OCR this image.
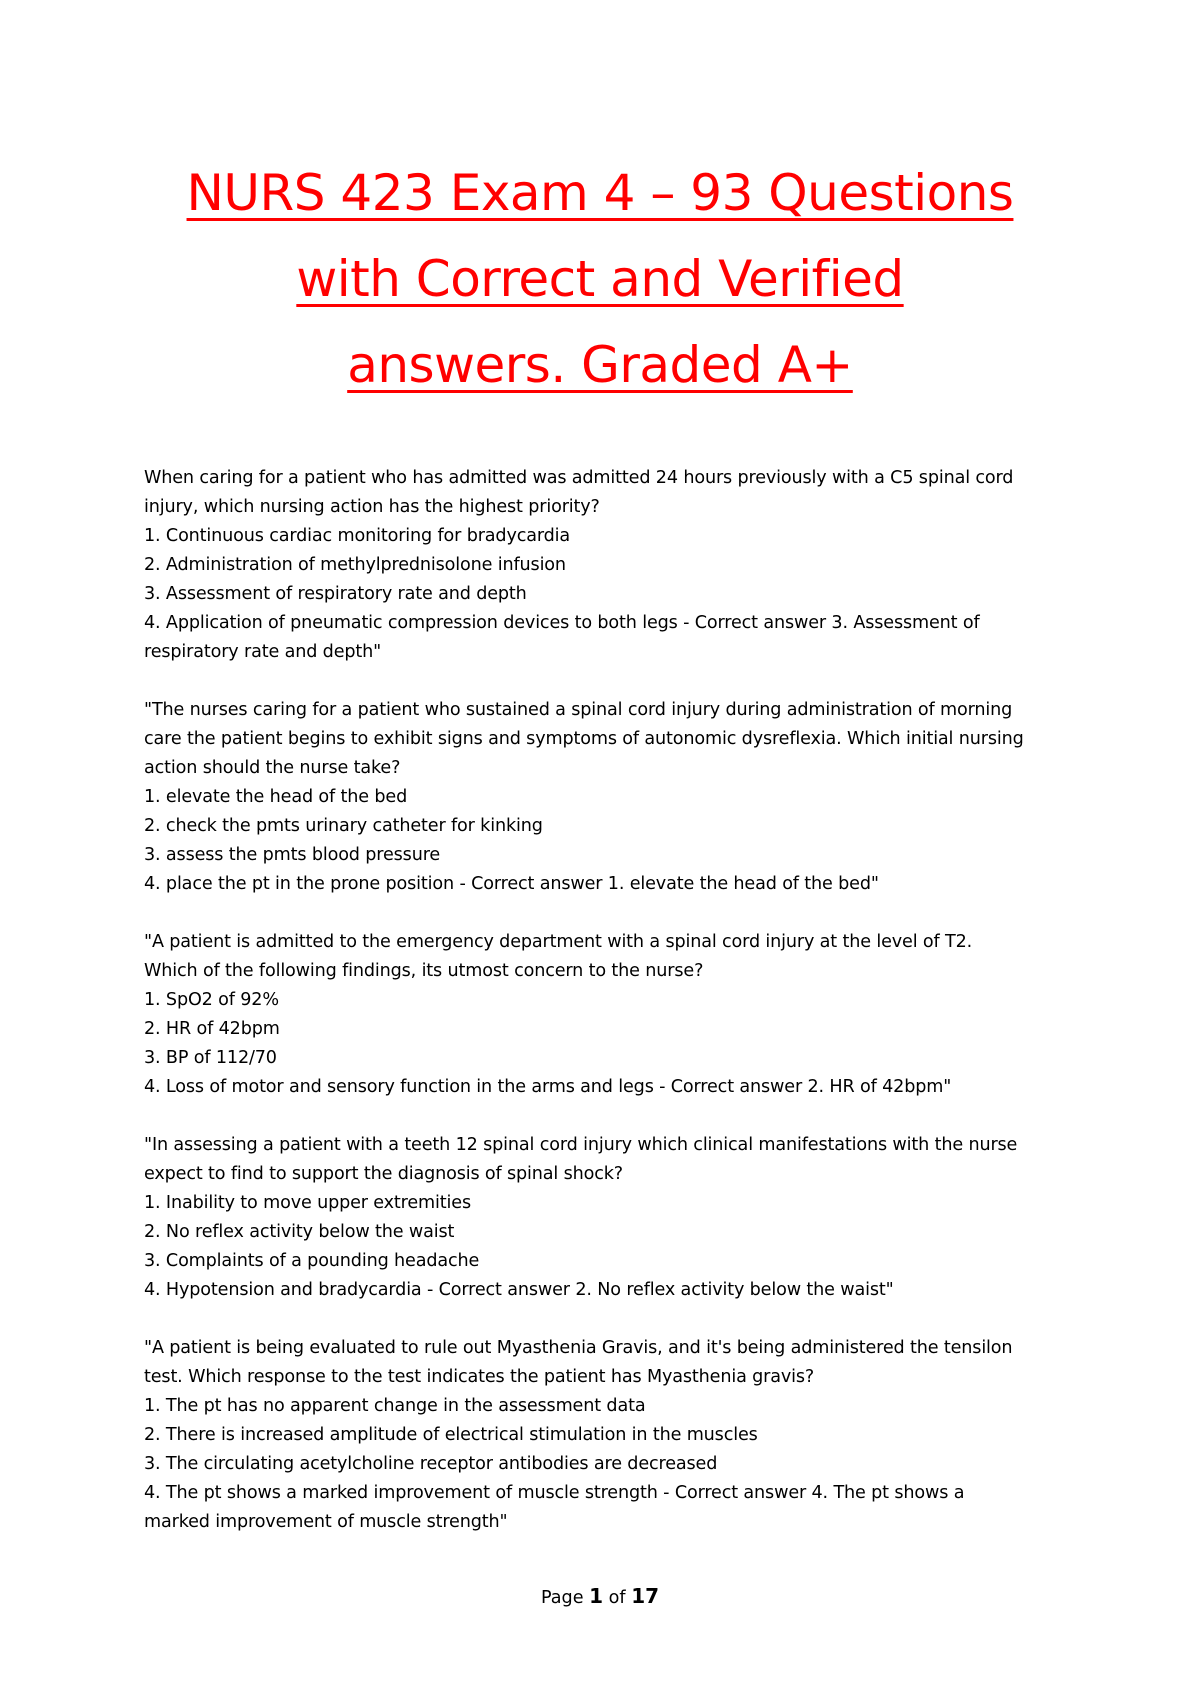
NURS 423 Exam 4 – 93 Questions
with Correct and Verified
answers. Graded A+
When caring for a patient who has admitted was admitted 24 hours previously with a C5 spinal cord
injury, which nursing action has the highest priority?
1. Continuous cardiac monitoring for bradycardia
2. Administration of methylprednisolone infusion
3. Assessment of respiratory rate and depth
4. Application of pneumatic compression devices to both legs - Correct answer 3. Assessment of
respiratory rate and depth"
"The nurses caring for a patient who sustained a spinal cord injury during administration of morning
care the patient begins to exhibit signs and symptoms of autonomic dysreflexia. Which initial nursing
action should the nurse take?
1. elevate the head of the bed
2. check the pmts urinary catheter for kinking
3. assess the pmts blood pressure
4. place the pt in the prone position - Correct answer 1. elevate the head of the bed"
"A patient is admitted to the emergency department with a spinal cord injury at the level of T2.
Which of the following findings, its utmost concern to the nurse?
1. SpO2 of 92%
2. HR of 42bpm
3. BP of 112/70
4. Loss of motor and sensory function in the arms and legs - Correct answer 2. HR of 42bpm"
"In assessing a patient with a teeth 12 spinal cord injury which clinical manifestations with the nurse
expect to find to support the diagnosis of spinal shock?
1. Inability to move upper extremities
2. No reflex activity below the waist
3. Complaints of a pounding headache
4. Hypotension and bradycardia - Correct answer 2. No reflex activity below the waist"
"A patient is being evaluated to rule out Myasthenia Gravis, and it's being administered the tensilon
test. Which response to the test indicates the patient has Myasthenia gravis?
1. The pt has no apparent change in the assessment data
2. There is increased amplitude of electrical stimulation in the muscles
3. The circulating acetylcholine receptor antibodies are decreased
4. The pt shows a marked improvement of muscle strength - Correct answer 4. The pt shows a
marked improvement of muscle strength"
Page 1 of 17
